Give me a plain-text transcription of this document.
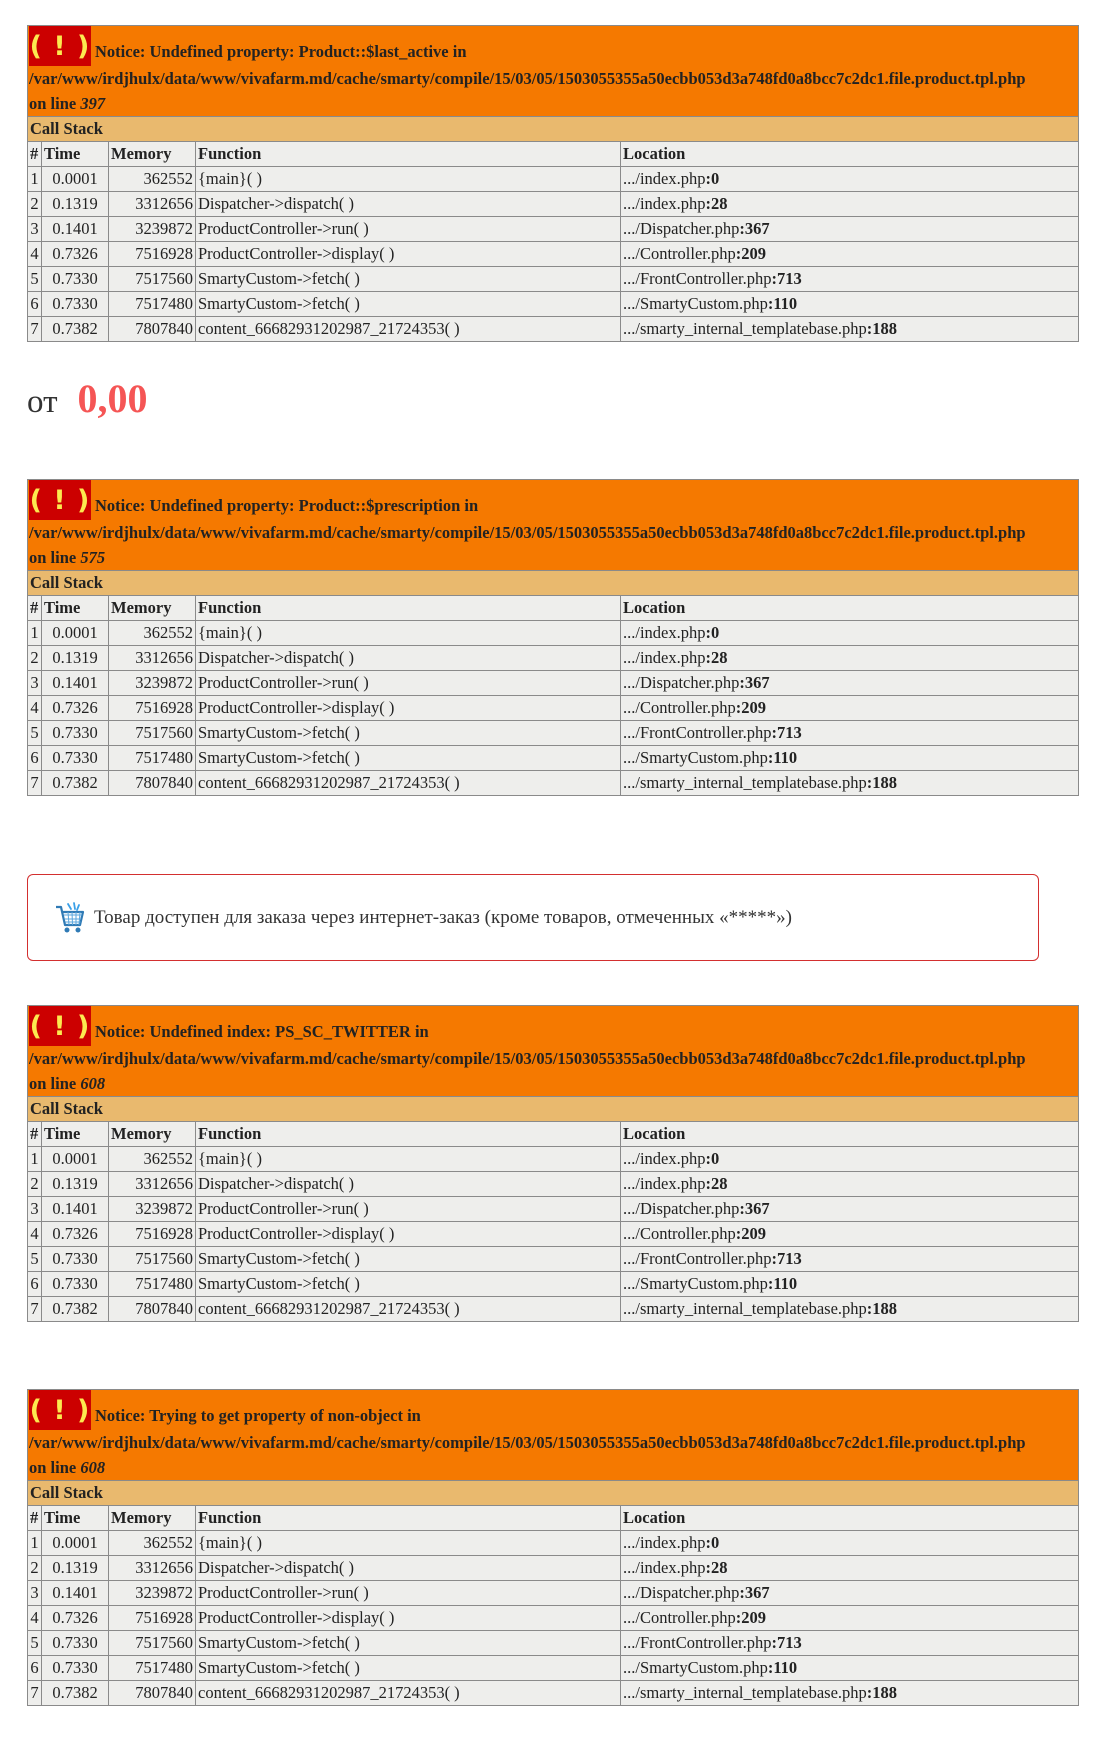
( ! ) Notice: Undefined property: Product::$last_active in
/var/www/irdjhulx/data/www/vivafarm.md/cache/smarty/compile/15/03/05/1503055355a50ecbb053d3a748fd0a8bcc7c2dc1.file.product.tpl.php
on line 397				

Call Stack				
#	Time	Memory	Function	Location
1	0.0001	362552	{main}( )	.../index.php:0
2	0.1319	3312656	Dispatcher->dispatch( )	.../index.php:28
3	0.1401	3239872	ProductController->run( )	.../Dispatcher.php:367
4	0.7326	7516928	ProductController->display( )	.../Controller.php:209
5	0.7330	7517560	SmartyCustom->fetch( )	.../FrontController.php:713
6	0.7330	7517480	SmartyCustom->fetch( )	.../SmartyCustom.php:110
7	0.7382	7807840	content_66682931202987_21724353( )	.../smarty_internal_templatebase.php:188
от 0,00
( ! ) Notice: Undefined property: Product::$prescription in
/var/www/irdjhulx/data/www/vivafarm.md/cache/smarty/compile/15/03/05/1503055355a50ecbb053d3a748fd0a8bcc7c2dc1.file.product.tpl.php
on line 575				

Call Stack				
#	Time	Memory	Function	Location
1	0.0001	362552	{main}( )	.../index.php:0
2	0.1319	3312656	Dispatcher->dispatch( )	.../index.php:28
3	0.1401	3239872	ProductController->run( )	.../Dispatcher.php:367
4	0.7326	7516928	ProductController->display( )	.../Controller.php:209
5	0.7330	7517560	SmartyCustom->fetch( )	.../FrontController.php:713
6	0.7330	7517480	SmartyCustom->fetch( )	.../SmartyCustom.php:110
7	0.7382	7807840	content_66682931202987_21724353( )	.../smarty_internal_templatebase.php:188
Товар доступен для заказа через интернет-заказ (кроме товаров, отмеченных «*****»)
( ! ) Notice: Undefined index: PS_SC_TWITTER in
/var/www/irdjhulx/data/www/vivafarm.md/cache/smarty/compile/15/03/05/1503055355a50ecbb053d3a748fd0a8bcc7c2dc1.file.product.tpl.php
on line 608				

Call Stack				
#	Time	Memory	Function	Location
1	0.0001	362552	{main}( )	.../index.php:0
2	0.1319	3312656	Dispatcher->dispatch( )	.../index.php:28
3	0.1401	3239872	ProductController->run( )	.../Dispatcher.php:367
4	0.7326	7516928	ProductController->display( )	.../Controller.php:209
5	0.7330	7517560	SmartyCustom->fetch( )	.../FrontController.php:713
6	0.7330	7517480	SmartyCustom->fetch( )	.../SmartyCustom.php:110
7	0.7382	7807840	content_66682931202987_21724353( )	.../smarty_internal_templatebase.php:188
( ! ) Notice: Trying to get property of non-object in
/var/www/irdjhulx/data/www/vivafarm.md/cache/smarty/compile/15/03/05/1503055355a50ecbb053d3a748fd0a8bcc7c2dc1.file.product.tpl.php
on line 608				

Call Stack				
#	Time	Memory	Function	Location
1	0.0001	362552	{main}( )	.../index.php:0
2	0.1319	3312656	Dispatcher->dispatch( )	.../index.php:28
3	0.1401	3239872	ProductController->run( )	.../Dispatcher.php:367
4	0.7326	7516928	ProductController->display( )	.../Controller.php:209
5	0.7330	7517560	SmartyCustom->fetch( )	.../FrontController.php:713
6	0.7330	7517480	SmartyCustom->fetch( )	.../SmartyCustom.php:110
7	0.7382	7807840	content_66682931202987_21724353( )	.../smarty_internal_templatebase.php:188
